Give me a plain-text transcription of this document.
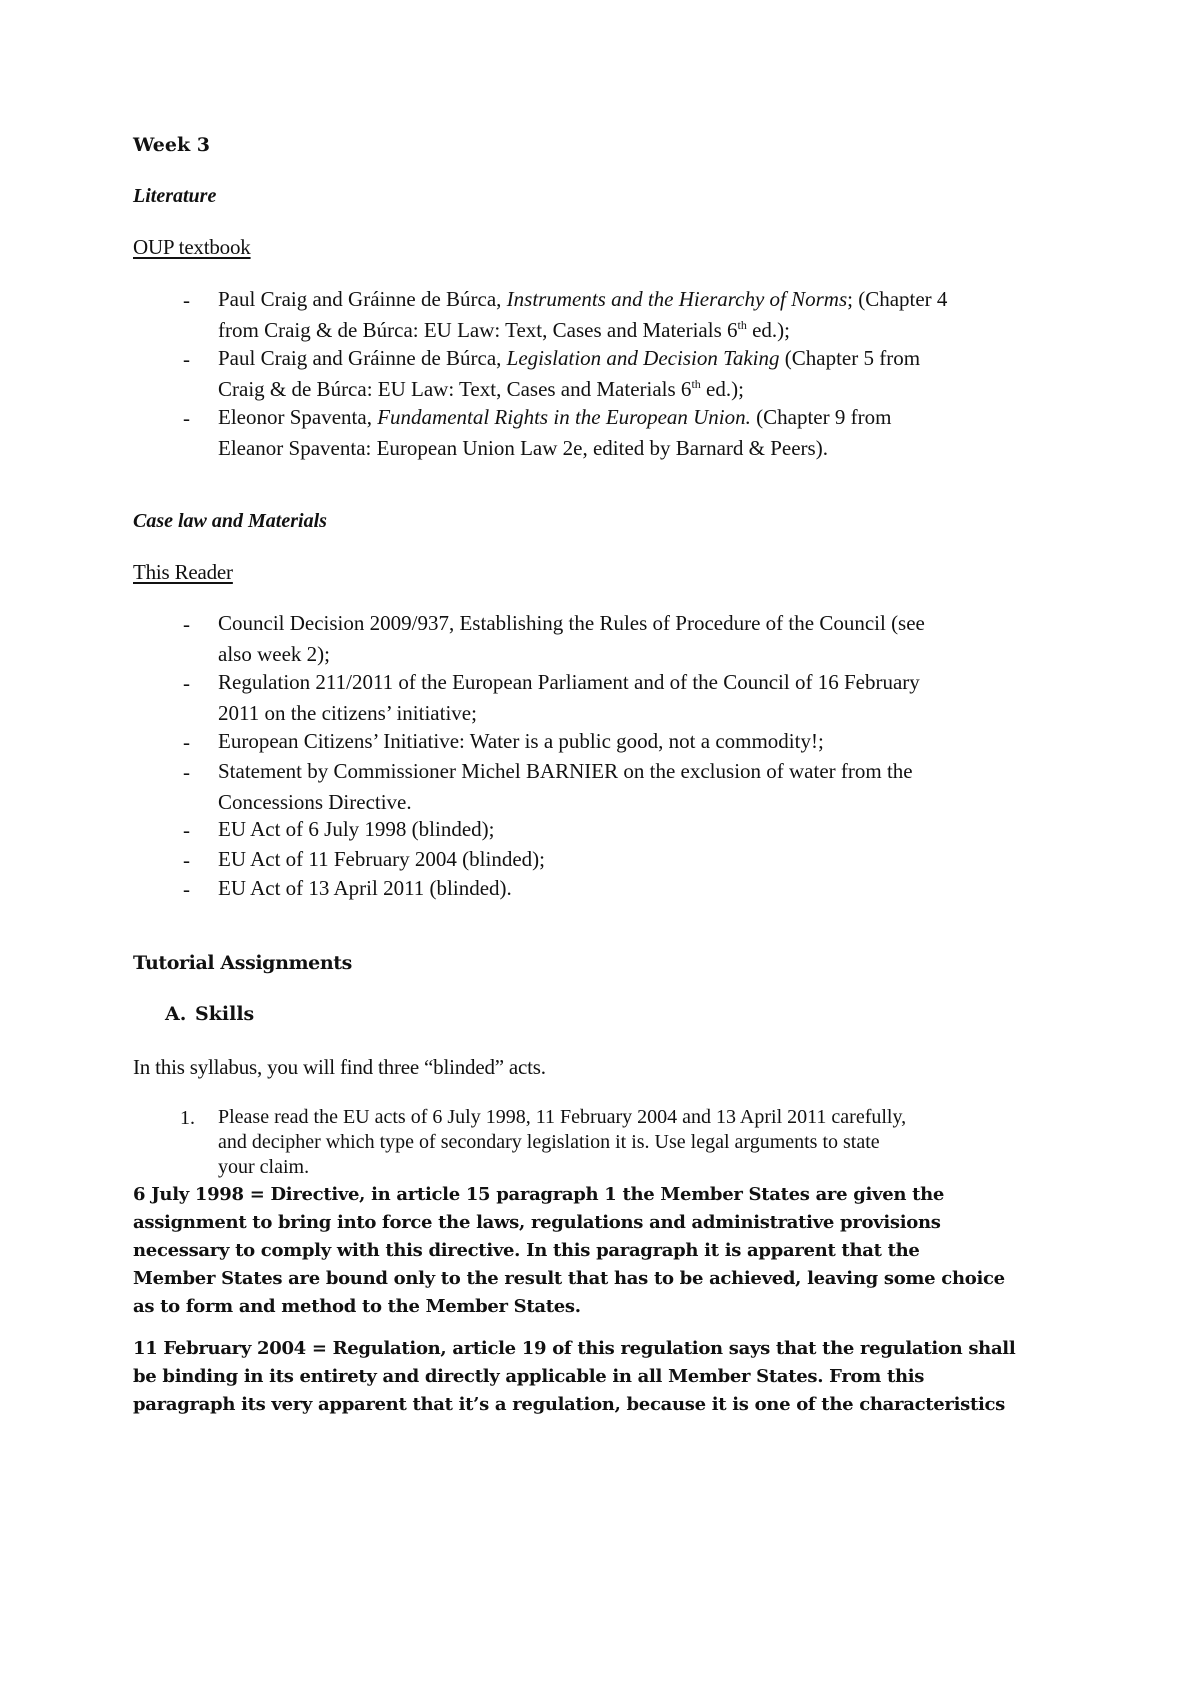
Week 3
Literature
OUP textbook
- Paul Craig and Gráinne de Búrca, Instruments and the Hierarchy of Norms; (Chapter 4
from Craig & de Búrca: EU Law: Text, Cases and Materials 6th ed.);
- Paul Craig and Gráinne de Búrca, Legislation and Decision Taking (Chapter 5 from
Craig & de Búrca: EU Law: Text, Cases and Materials 6th ed.);
- Eleonor Spaventa, Fundamental Rights in the European Union. (Chapter 9 from
Eleanor Spaventa: European Union Law 2e, edited by Barnard & Peers).
Case law and Materials
This Reader
- Council Decision 2009/937, Establishing the Rules of Procedure of the Council (see
also week 2);
- Regulation 211/2011 of the European Parliament and of the Council of 16 February
2011 on the citizens’ initiative;
- European Citizens’ Initiative: Water is a public good, not a commodity!;
- Statement by Commissioner Michel BARNIER on the exclusion of water from the
Concessions Directive.
- EU Act of 6 July 1998 (blinded);
- EU Act of 11 February 2004 (blinded);
- EU Act of 13 April 2011 (blinded).
Tutorial Assignments
A. Skills
In this syllabus, you will find three “blinded” acts.
1. Please read the EU acts of 6 July 1998, 11 February 2004 and 13 April 2011 carefully,
and decipher which type of secondary legislation it is. Use legal arguments to state
your claim.
6 July 1998 = Directive, in article 15 paragraph 1 the Member States are given the
assignment to bring into force the laws, regulations and administrative provisions
necessary to comply with this directive. In this paragraph it is apparent that the
Member States are bound only to the result that has to be achieved, leaving some choice
as to form and method to the Member States.
11 February 2004 = Regulation, article 19 of this regulation says that the regulation shall
be binding in its entirety and directly applicable in all Member States. From this
paragraph its very apparent that it’s a regulation, because it is one of the characteristics
